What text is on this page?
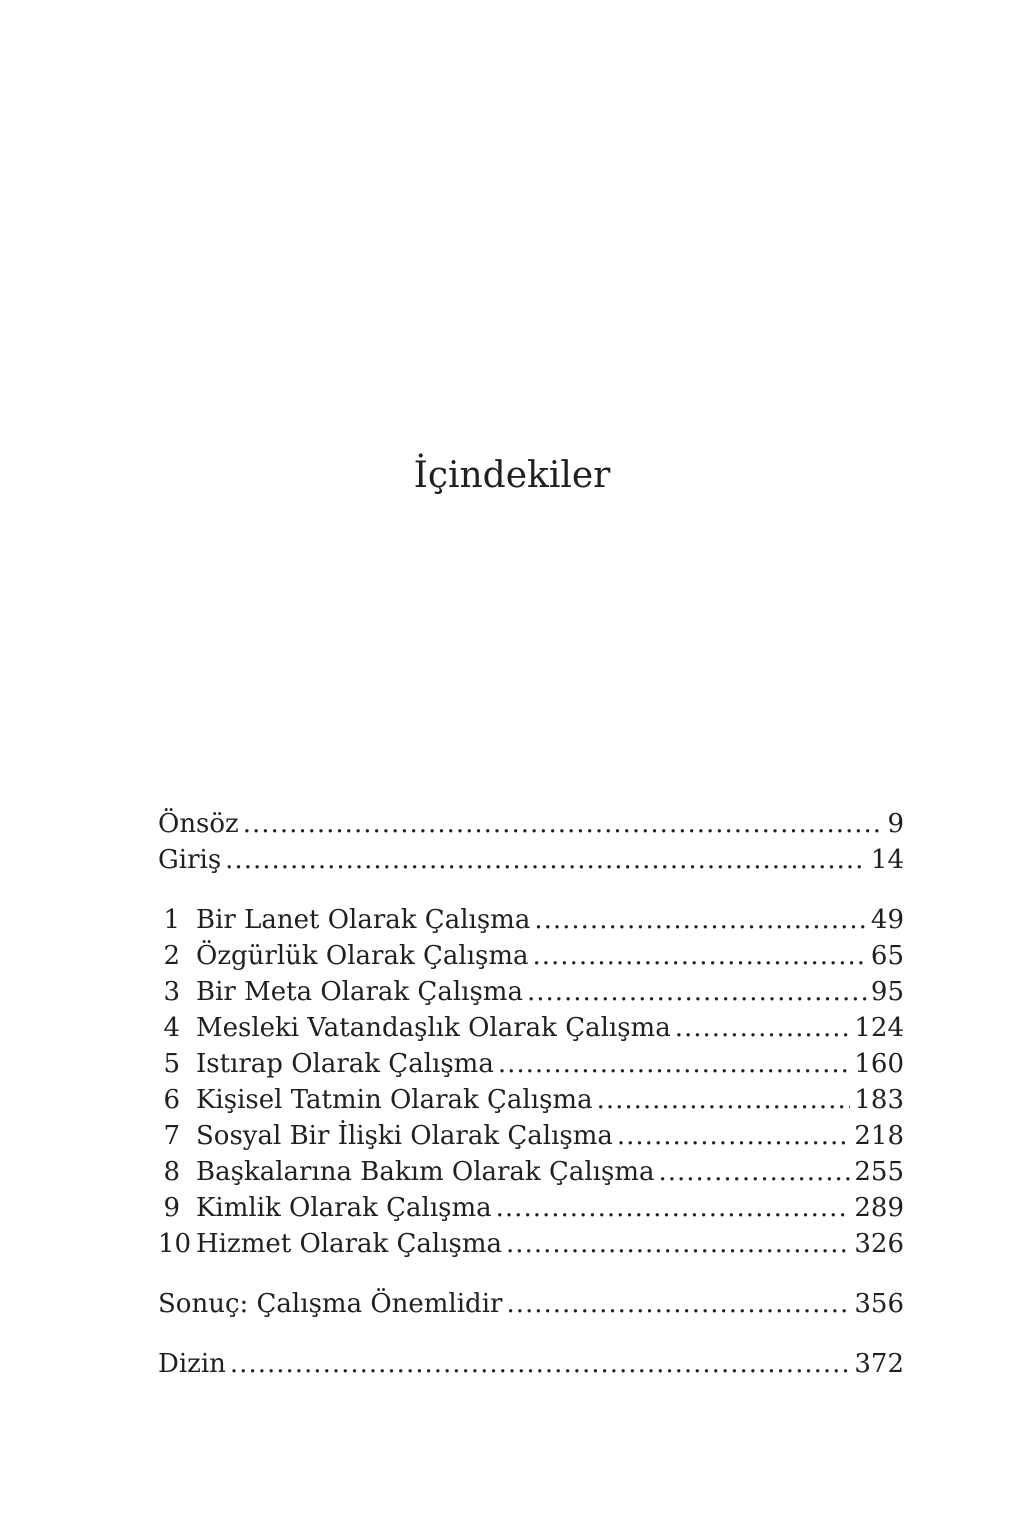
İçindekiler
Önsöz .....	9
Giriş .....	14
1 Bir Lanet Olarak Çalışma .....	49
2 Özgürlük Olarak Çalışma .....	65
3 Bir Meta Olarak Çalışma .....	95
4 Mesleki Vatandaşlık Olarak Çalışma .....	124
5 Istırap Olarak Çalışma .....	160
6 Kişisel Tatmin Olarak Çalışma .....	183
7 Sosyal Bir İlişki Olarak Çalışma .....	218
8 Başkalarına Bakım Olarak Çalışma .....	255
9 Kimlik Olarak Çalışma .....	289
10 Hizmet Olarak Çalışma .....	326
Sonuç: Çalışma Önemlidir .....	356
Dizin .....	372
